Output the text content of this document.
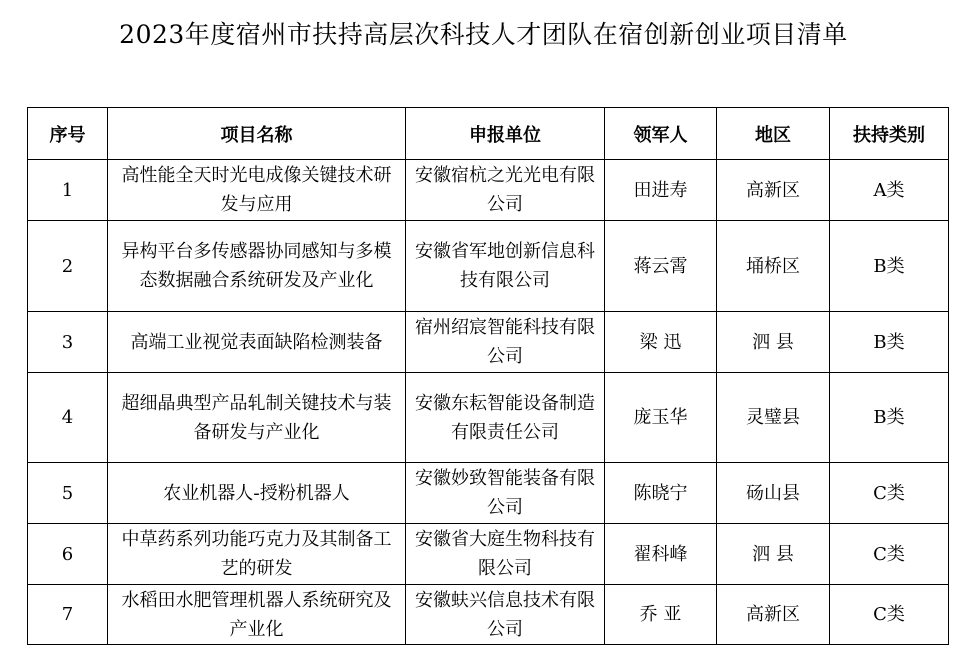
2023年度宿州市扶持高层次科技人才团队在宿创新创业项目清单
序号	项目名称	申报单位	领军人	地区	扶持类别
1	高性能全天时光电成像关键技术研发与应用	安徽宿杭之光光电有限公司	田进寿	高新区	A类
2	异构平台多传感器协同感知与多模态数据融合系统研发及产业化	安徽省军地创新信息科技有限公司	蒋云霄	埇桥区	B类
3	高端工业视觉表面缺陷检测装备	宿州绍宸智能科技有限公司	梁 迅	泗 县	B类
4	超细晶典型产品轧制关键技术与装备研发与产业化	安徽东耘智能设备制造有限责任公司	庞玉华	灵璧县	B类
5	农业机器人-授粉机器人	安徽妙致智能装备有限公司	陈晓宁	砀山县	C类
6	中草药系列功能巧克力及其制备工艺的研发	安徽省大庭生物科技有限公司	翟科峰	泗 县	C类
7	水稻田水肥管理机器人系统研究及产业化	安徽蚨兴信息技术有限公司	乔 亚	高新区	C类
